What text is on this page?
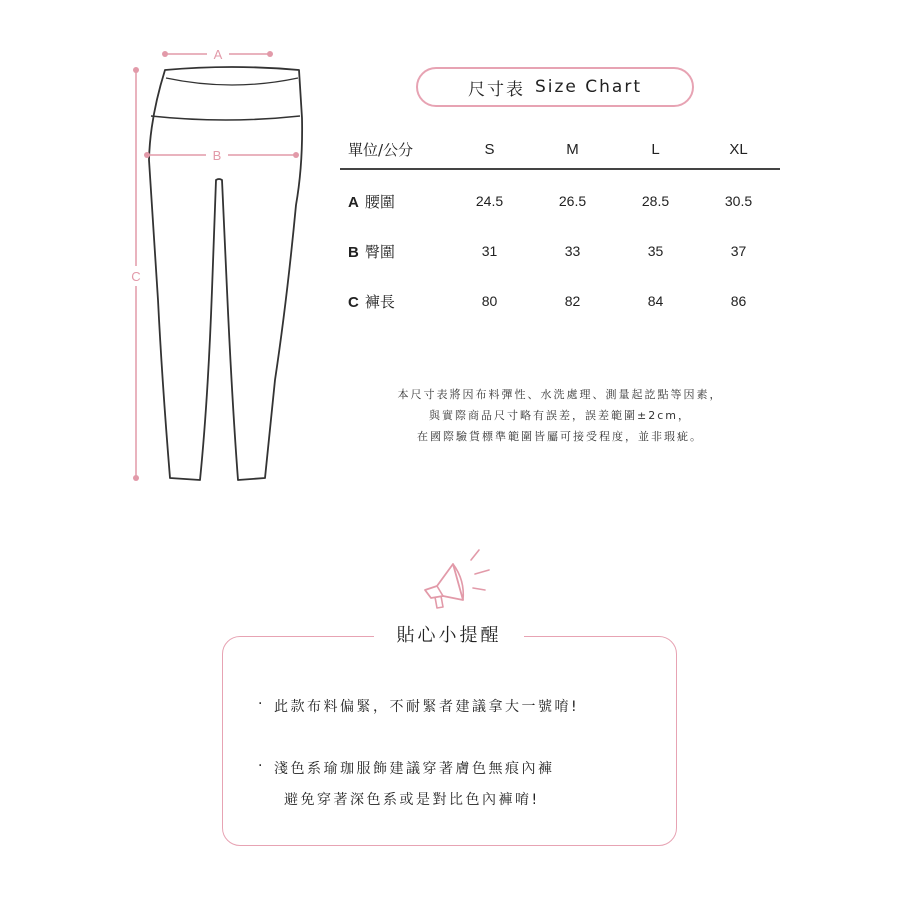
A
B
C
尺寸表 Size Chart
單位/公分	S	M	L	XL
A 腰圍	24.5	26.5	28.5	30.5
B 臀圍	31	33	35	37
C 褲長	80	82	84	86
本尺寸表將因布料彈性、水洗處理、測量起訖點等因素，
與實際商品尺寸略有誤差，誤差範圍±2cm，
在國際驗貨標準範圍皆屬可接受程度，並非瑕疵。
貼心小提醒
· 此款布料偏緊，不耐緊者建議拿大一號唷!
· 淺色系瑜珈服飾建議穿著膚色無痕內褲
避免穿著深色系或是對比色內褲唷!
